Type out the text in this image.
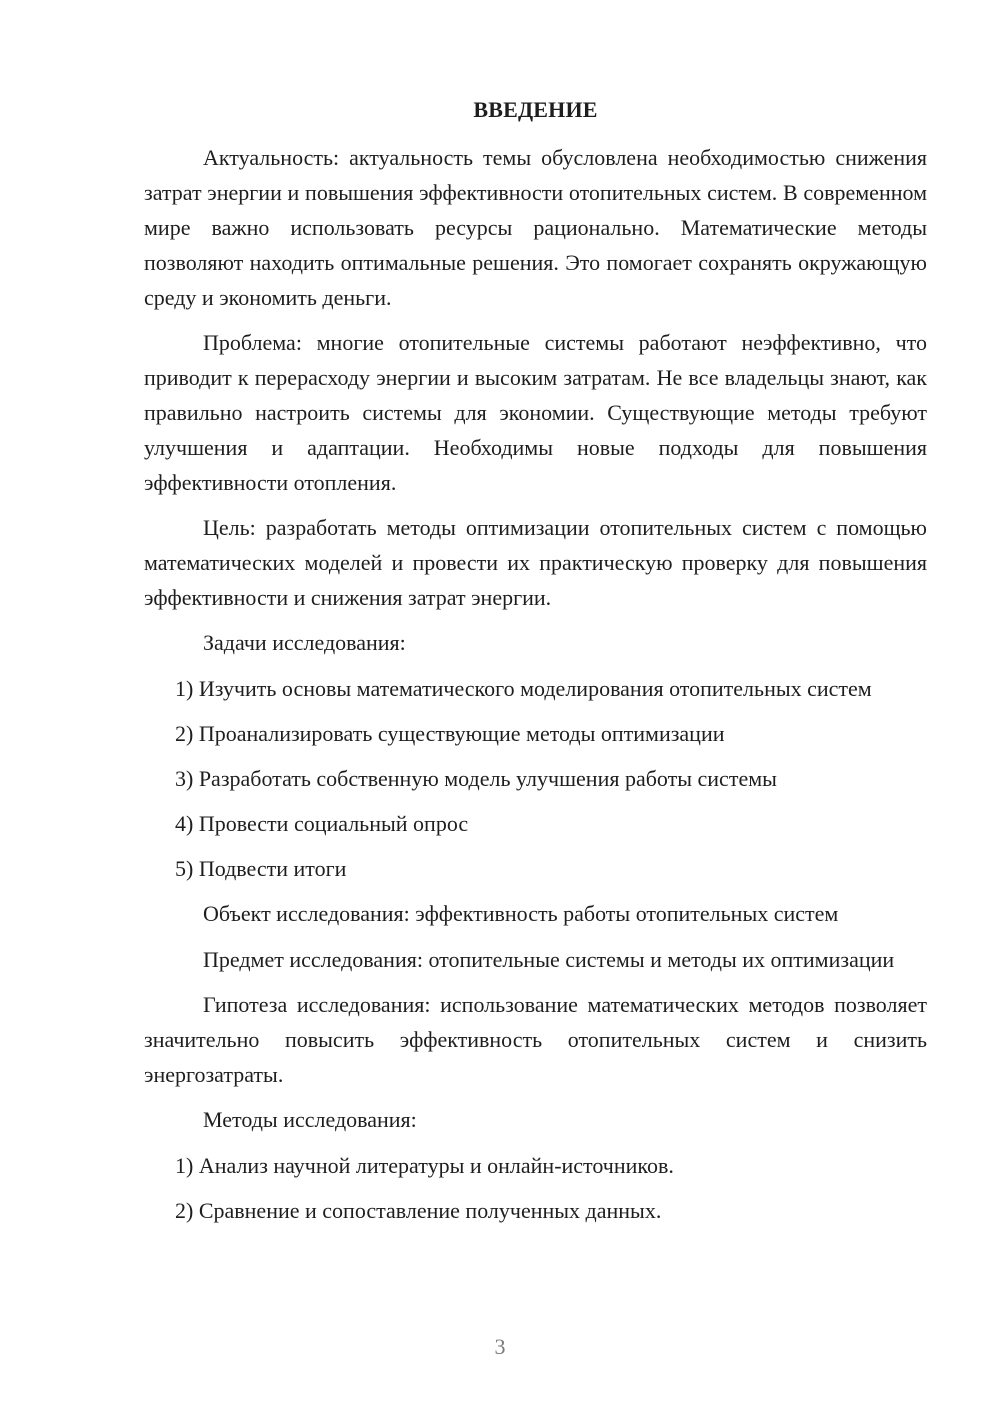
ВВЕДЕНИЕ

Актуальность: актуальность темы обусловлена необходимостью снижения затрат энергии и повышения эффективности отопительных систем. В современном мире важно использовать ресурсы рационально. Математические методы позволяют находить оптимальные решения. Это помогает сохранять окружающую среду и экономить деньги.

Проблема: многие отопительные системы работают неэффективно, что приводит к перерасходу энергии и высоким затратам. Не все владельцы знают, как правильно настроить системы для экономии. Существующие методы требуют улучшения и адаптации. Необходимы новые подходы для повышения эффективности отопления.

Цель: разработать методы оптимизации отопительных систем с помощью математических моделей и провести их практическую проверку для повышения эффективности и снижения затрат энергии.

Задачи исследования:

1) Изучить основы математического моделирования отопительных систем

2) Проанализировать существующие методы оптимизации

3) Разработать собственную модель улучшения работы системы

4) Провести социальный опрос

5) Подвести итоги

Объект исследования: эффективность работы отопительных систем

Предмет исследования: отопительные системы и методы их оптимизации

Гипотеза исследования: использование математических методов позволяет значительно повысить эффективность отопительных систем и снизить энергозатраты.

Методы исследования:

1) Анализ научной литературы и онлайн-источников.

2) Сравнение и сопоставление полученных данных.

3
